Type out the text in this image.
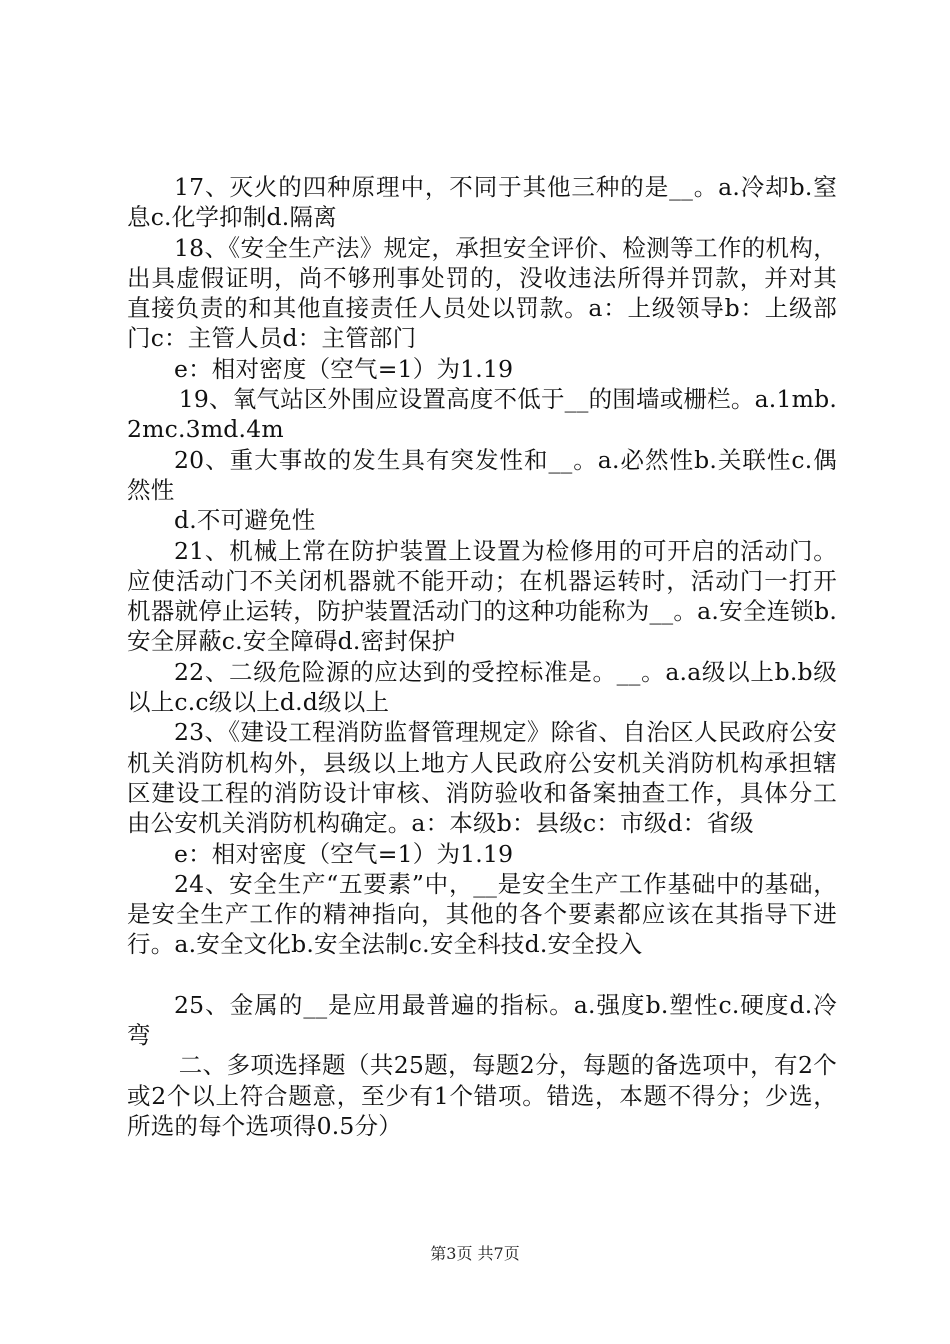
17、灭火的四种原理中，不同于其他三种的是__。a.冷却b.窒息c.化学抑制d.隔离

18、《安全生产法》规定，承担安全评价、检测等工作的机构，出具虚假证明，尚不够刑事处罚的，没收违法所得并罚款，并对其直接负责的和其他直接责任人员处以罚款。a：上级领导b：上级部门c：主管人员d：主管部门

e：相对密度（空气=1）为1.19

19、氧气站区外围应设置高度不低于__的围墙或栅栏。a.1mb.2mc.3md.4m

20、重大事故的发生具有突发性和__。a.必然性b.关联性c.偶然性

d.不可避免性

21、机械上常在防护装置上设置为检修用的可开启的活动门。应使活动门不关闭机器就不能开动；在机器运转时，活动门一打开机器就停止运转，防护装置活动门的这种功能称为__。a.安全连锁b.安全屏蔽c.安全障碍d.密封保护

22、二级危险源的应达到的受控标准是。__。a.a级以上b.b级以上c.c级以上d.d级以上

23、《建设工程消防监督管理规定》除省、自治区人民政府公安机关消防机构外，县级以上地方人民政府公安机关消防机构承担辖区建设工程的消防设计审核、消防验收和备案抽查工作，具体分工由公安机关消防机构确定。a：本级b：县级c：市级d：省级

e：相对密度（空气=1）为1.19

24、安全生产“五要素”中，__是安全生产工作基础中的基础，是安全生产工作的精神指向，其他的各个要素都应该在其指导下进行。a.安全文化b.安全法制c.安全科技d.安全投入

25、金属的__是应用最普遍的指标。a.强度b.塑性c.硬度d.冷弯

二、多项选择题（共25题，每题2分，每题的备选项中，有2个或2个以上符合题意，至少有1个错项。错选，本题不得分；少选，所选的每个选项得0.5分）

第3页 共7页
